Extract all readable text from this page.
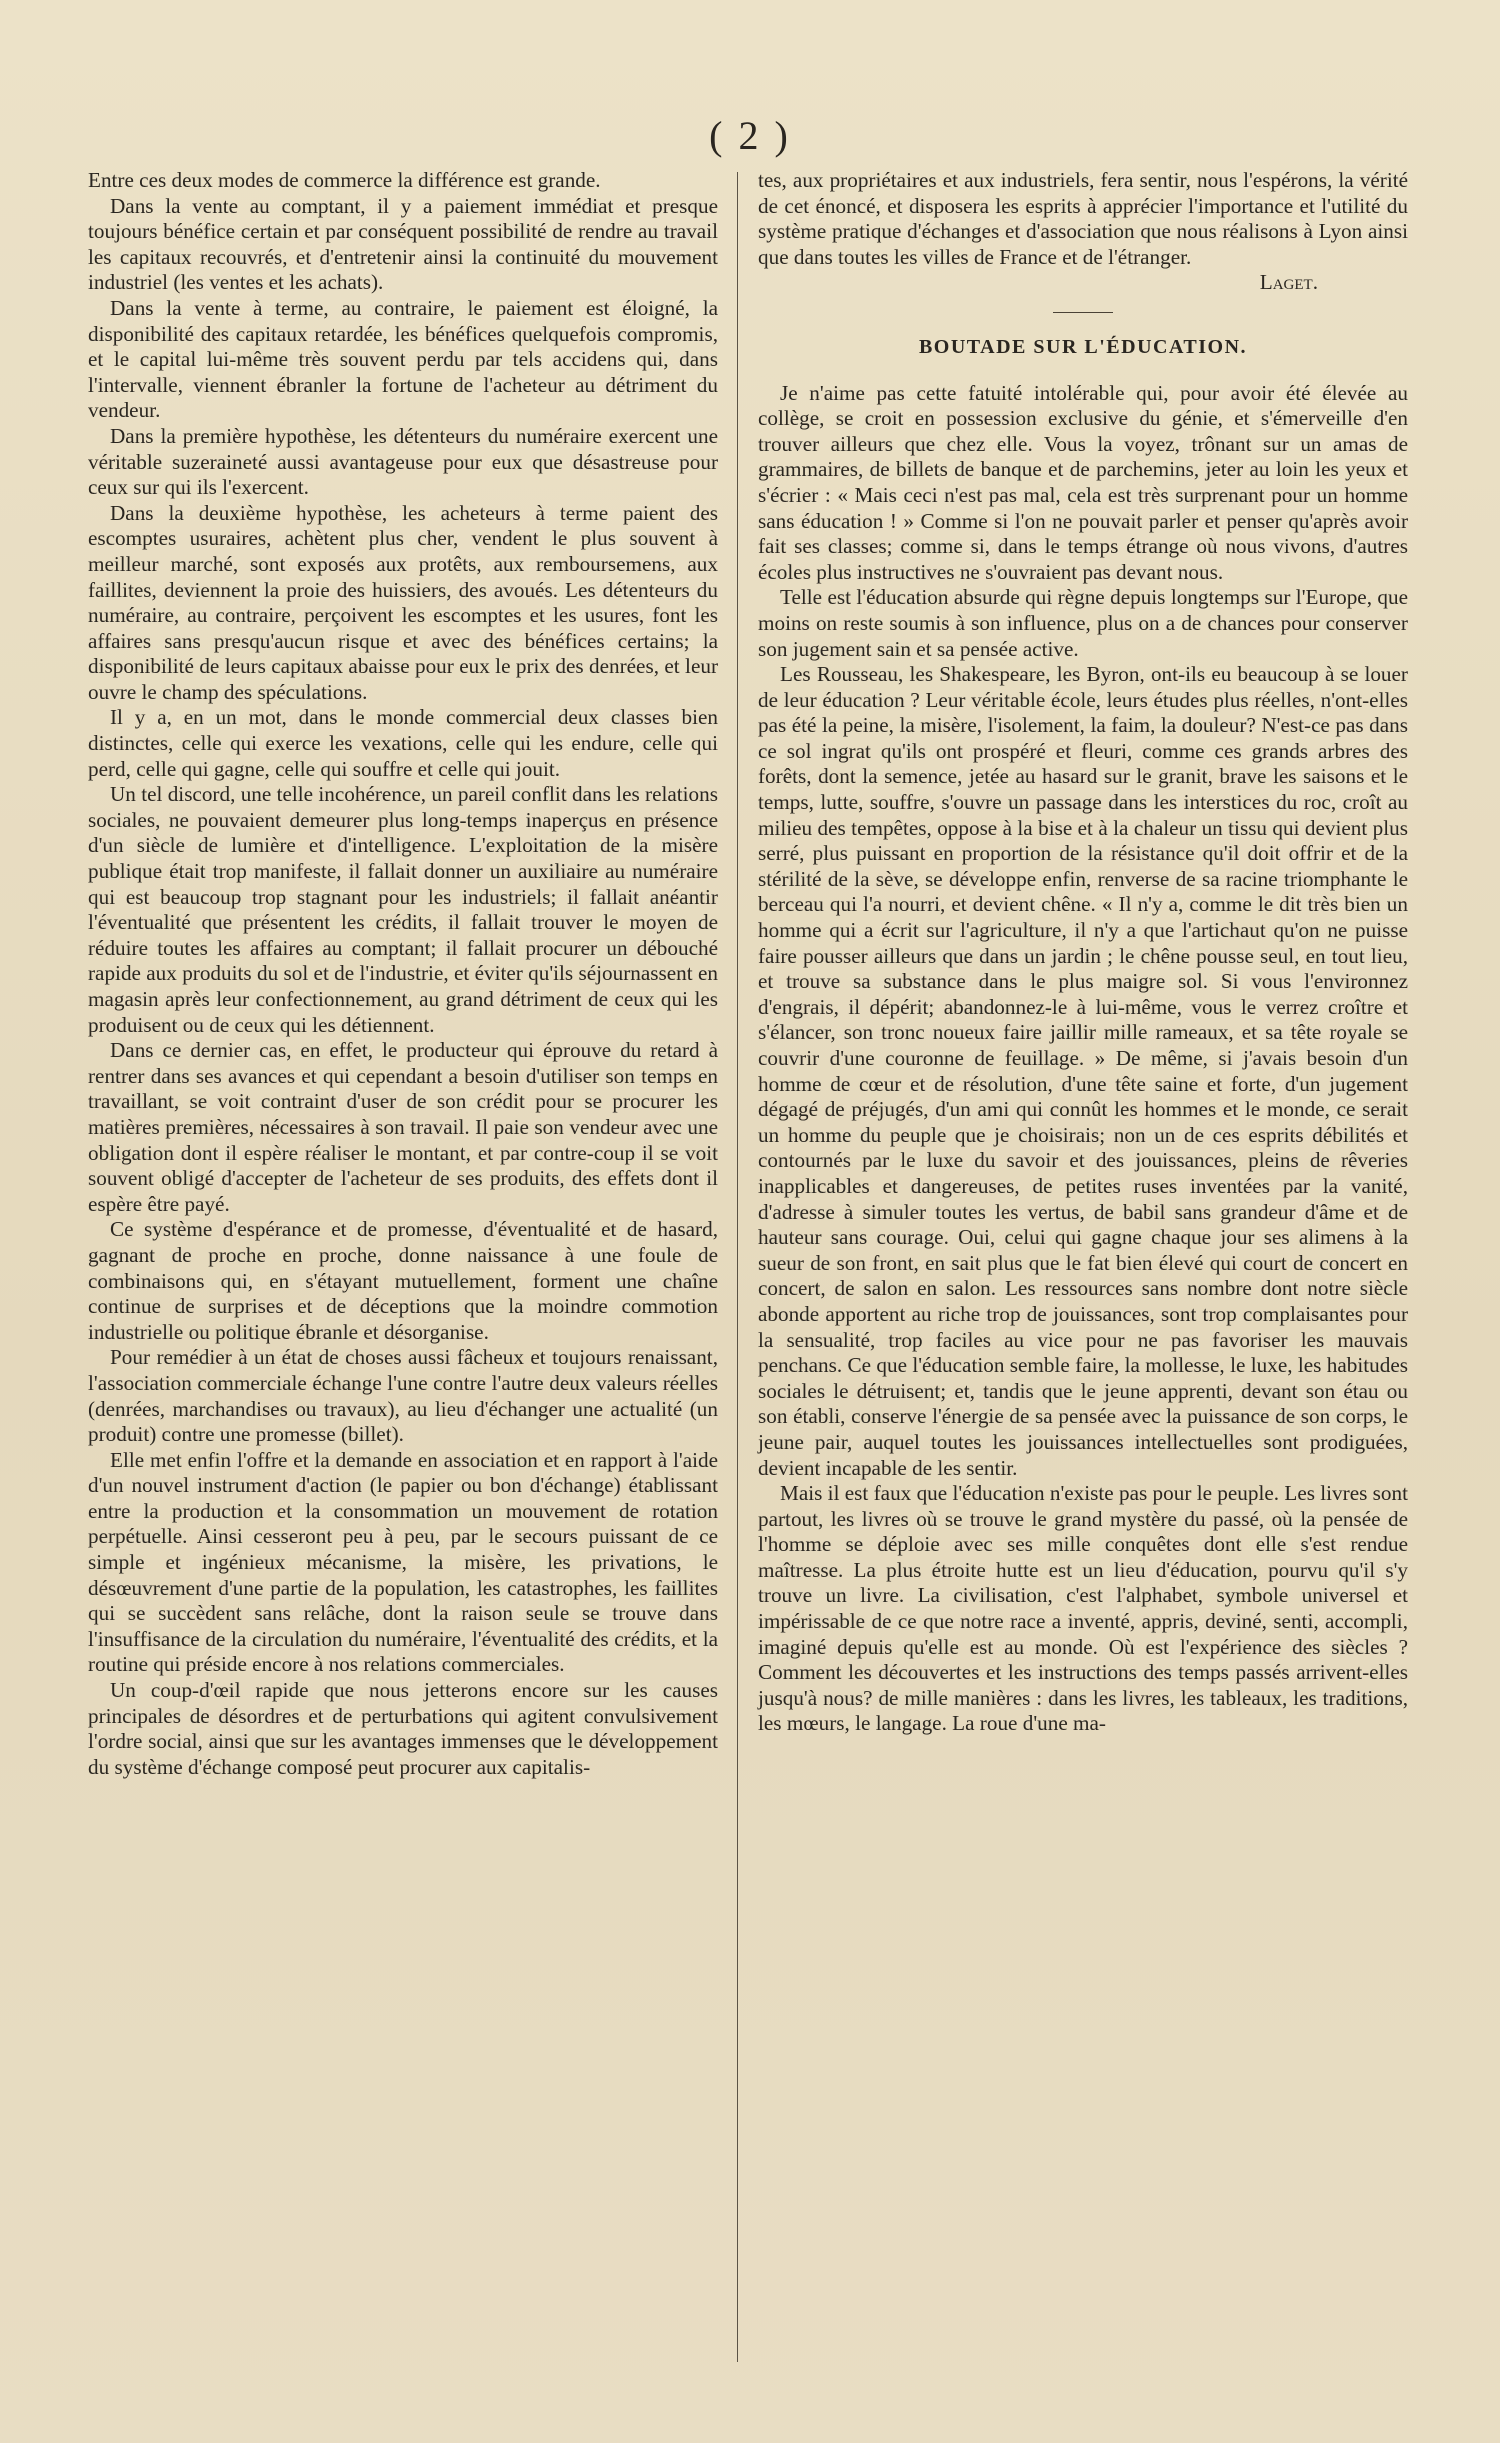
( 2 )

Entre ces deux modes de commerce la différence est grande.

Dans la vente au comptant, il y a paiement immédiat et presque toujours bénéfice certain et par conséquent possibilité de rendre au travail les capitaux recouvrés, et d'entretenir ainsi la continuité du mouvement industriel (les ventes et les achats).

Dans la vente à terme, au contraire, le paiement est éloigné, la disponibilité des capitaux retardée, les bénéfices quelquefois compromis, et le capital lui-même très souvent perdu par tels accidens qui, dans l'intervalle, viennent ébranler la fortune de l'acheteur au détriment du vendeur.

Dans la première hypothèse, les détenteurs du numéraire exercent une véritable suzeraineté aussi avantageuse pour eux que désastreuse pour ceux sur qui ils l'exercent.

Dans la deuxième hypothèse, les acheteurs à terme paient des escomptes usuraires, achètent plus cher, vendent le plus souvent à meilleur marché, sont exposés aux protêts, aux remboursemens, aux faillites, deviennent la proie des huissiers, des avoués. Les détenteurs du numéraire, au contraire, perçoivent les escomptes et les usures, font les affaires sans presqu'aucun risque et avec des bénéfices certains; la disponibilité de leurs capitaux abaisse pour eux le prix des denrées, et leur ouvre le champ des spéculations.

Il y a, en un mot, dans le monde commercial deux classes bien distinctes, celle qui exerce les vexations, celle qui les endure, celle qui perd, celle qui gagne, celle qui souffre et celle qui jouit.

Un tel discord, une telle incohérence, un pareil conflit dans les relations sociales, ne pouvaient demeurer plus long-temps inaperçus en présence d'un siècle de lumière et d'intelligence. L'exploitation de la misère publique était trop manifeste, il fallait donner un auxiliaire au numéraire qui est beaucoup trop stagnant pour les industriels; il fallait anéantir l'éventualité que présentent les crédits, il fallait trouver le moyen de réduire toutes les affaires au comptant; il fallait procurer un débouché rapide aux produits du sol et de l'industrie, et éviter qu'ils séjournassent en magasin après leur confectionnement, au grand détriment de ceux qui les produisent ou de ceux qui les détiennent.

Dans ce dernier cas, en effet, le producteur qui éprouve du retard à rentrer dans ses avances et qui cependant a besoin d'utiliser son temps en travaillant, se voit contraint d'user de son crédit pour se procurer les matières premières, nécessaires à son travail. Il paie son vendeur avec une obligation dont il espère réaliser le montant, et par contre-coup il se voit souvent obligé d'accepter de l'acheteur de ses produits, des effets dont il espère être payé.

Ce système d'espérance et de promesse, d'éventualité et de hasard, gagnant de proche en proche, donne naissance à une foule de combinaisons qui, en s'étayant mutuellement, forment une chaîne continue de surprises et de déceptions que la moindre commotion industrielle ou politique ébranle et désorganise.

Pour remédier à un état de choses aussi fâcheux et toujours renaissant, l'association commerciale échange l'une contre l'autre deux valeurs réelles (denrées, marchandises ou travaux), au lieu d'échanger une actualité (un produit) contre une promesse (billet).

Elle met enfin l'offre et la demande en association et en rapport à l'aide d'un nouvel instrument d'action (le papier ou bon d'échange) établissant entre la production et la consommation un mouvement de rotation perpétuelle. Ainsi cesseront peu à peu, par le secours puissant de ce simple et ingénieux mécanisme, la misère, les privations, le désœuvrement d'une partie de la population, les catastrophes, les faillites qui se succèdent sans relâche, dont la raison seule se trouve dans l'insuffisance de la circulation du numéraire, l'éventualité des crédits, et la routine qui préside encore à nos relations commerciales.

Un coup-d'œil rapide que nous jetterons encore sur les causes principales de désordres et de perturbations qui agitent convulsivement l'ordre social, ainsi que sur les avantages immenses que le développement du système d'échange composé peut procurer aux capitalis-

tes, aux propriétaires et aux industriels, fera sentir, nous l'espérons, la vérité de cet énoncé, et disposera les esprits à apprécier l'importance et l'utilité du système pratique d'échanges et d'association que nous réalisons à Lyon ainsi que dans toutes les villes de France et de l'étranger.

Laget.
BOUTADE SUR L'ÉDUCATION.

Je n'aime pas cette fatuité intolérable qui, pour avoir été élevée au collège, se croit en possession exclusive du génie, et s'émerveille d'en trouver ailleurs que chez elle. Vous la voyez, trônant sur un amas de grammaires, de billets de banque et de parchemins, jeter au loin les yeux et s'écrier : « Mais ceci n'est pas mal, cela est très surprenant pour un homme sans éducation ! » Comme si l'on ne pouvait parler et penser qu'après avoir fait ses classes; comme si, dans le temps étrange où nous vivons, d'autres écoles plus instructives ne s'ouvraient pas devant nous.

Telle est l'éducation absurde qui règne depuis longtemps sur l'Europe, que moins on reste soumis à son influence, plus on a de chances pour conserver son jugement sain et sa pensée active.

Les Rousseau, les Shakespeare, les Byron, ont-ils eu beaucoup à se louer de leur éducation ? Leur véritable école, leurs études plus réelles, n'ont-elles pas été la peine, la misère, l'isolement, la faim, la douleur? N'est-ce pas dans ce sol ingrat qu'ils ont prospéré et fleuri, comme ces grands arbres des forêts, dont la semence, jetée au hasard sur le granit, brave les saisons et le temps, lutte, souffre, s'ouvre un passage dans les interstices du roc, croît au milieu des tempêtes, oppose à la bise et à la chaleur un tissu qui devient plus serré, plus puissant en proportion de la résistance qu'il doit offrir et de la stérilité de la sève, se développe enfin, renverse de sa racine triomphante le berceau qui l'a nourri, et devient chêne. « Il n'y a, comme le dit très bien un homme qui a écrit sur l'agriculture, il n'y a que l'artichaut qu'on ne puisse faire pousser ailleurs que dans un jardin ; le chêne pousse seul, en tout lieu, et trouve sa substance dans le plus maigre sol. Si vous l'environnez d'engrais, il dépérit; abandonnez-le à lui-même, vous le verrez croître et s'élancer, son tronc noueux faire jaillir mille rameaux, et sa tête royale se couvrir d'une couronne de feuillage. » De même, si j'avais besoin d'un homme de cœur et de résolution, d'une tête saine et forte, d'un jugement dégagé de préjugés, d'un ami qui connût les hommes et le monde, ce serait un homme du peuple que je choisirais; non un de ces esprits débilités et contournés par le luxe du savoir et des jouissances, pleins de rêveries inapplicables et dangereuses, de petites ruses inventées par la vanité, d'adresse à simuler toutes les vertus, de babil sans grandeur d'âme et de hauteur sans courage. Oui, celui qui gagne chaque jour ses alimens à la sueur de son front, en sait plus que le fat bien élevé qui court de concert en concert, de salon en salon. Les ressources sans nombre dont notre siècle abonde apportent au riche trop de jouissances, sont trop complaisantes pour la sensualité, trop faciles au vice pour ne pas favoriser les mauvais penchans. Ce que l'éducation semble faire, la mollesse, le luxe, les habitudes sociales le détruisent; et, tandis que le jeune apprenti, devant son étau ou son établi, conserve l'énergie de sa pensée avec la puissance de son corps, le jeune pair, auquel toutes les jouissances intellectuelles sont prodiguées, devient incapable de les sentir.

Mais il est faux que l'éducation n'existe pas pour le peuple. Les livres sont partout, les livres où se trouve le grand mystère du passé, où la pensée de l'homme se déploie avec ses mille conquêtes dont elle s'est rendue maîtresse. La plus étroite hutte est un lieu d'éducation, pourvu qu'il s'y trouve un livre. La civilisation, c'est l'alphabet, symbole universel et impérissable de ce que notre race a inventé, appris, deviné, senti, accompli, imaginé depuis qu'elle est au monde. Où est l'expérience des siècles ? Comment les découvertes et les instructions des temps passés arrivent-elles jusqu'à nous? de mille manières : dans les livres, les tableaux, les traditions, les mœurs, le langage. La roue d'une ma-
